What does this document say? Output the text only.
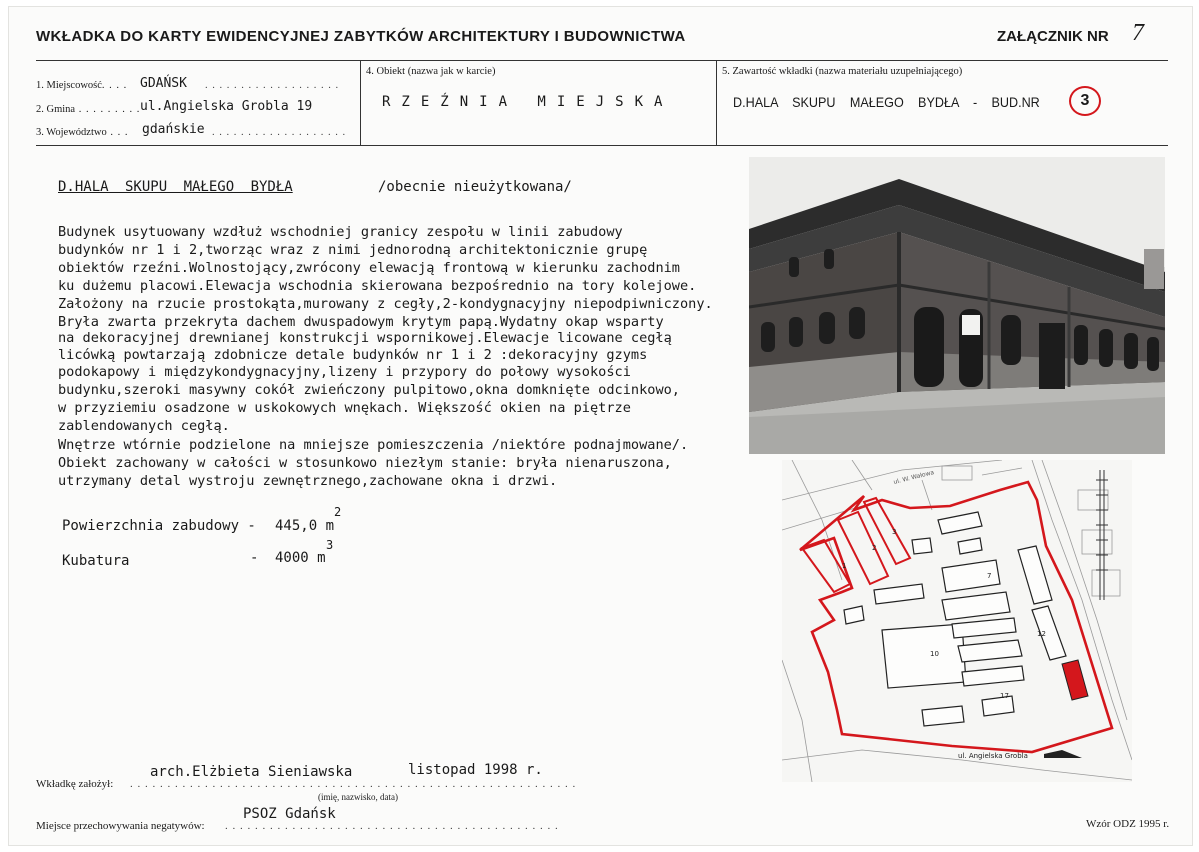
WKŁADKA DO KARTY EWIDENCYJNEJ ZABYTKÓW ARCHITEKTURY I BUDOWNICTWA	ZAŁĄCZNIK NR 7
1. Miejscowość. . . . GDAŃSK . . . . . . . . . . . . . . . . . . .
2. Gmina . . . . . . . . . ul.Angielska Grobla 19
3. Województwo . . . gdańskie . . . . . . . . . . . . . . . . . . .
4. Obiekt (nazwa jak w karcie)
RZEŹNIA MIEJSKA
5. Zawartość wkładki (nazwa materiału uzupełniającego)
D.HALA SKUPU MAŁEGO BYDŁA - BUD.NR	3
D.HALA SKUPU MAŁEGO BYDŁA	/obecnie nieużytkowana/
Budynek usytuowany wzdłuż wschodniej granicy zespołu w linii zabudowy
budynków nr 1 i 2,tworząc wraz z nimi jednorodną architektonicznie grupę
obiektów rzeźni.Wolnostojący,zwrócony elewacją frontową w kierunku zachodnim
ku dużemu placowi.Elewacja wschodnia skierowana bezpośrednio na tory kolejowe.
Założony na rzucie prostokąta,murowany z cegły,2-kondygnacyjny niepodpiwniczony.
Bryła zwarta przekryta dachem dwuspadowym krytym papą.Wydatny okap wsparty
na dekoracyjnej drewnianej konstrukcji wspornikowej.Elewacje licowane cegłą
licówką powtarzają zdobnicze detale budynków nr 1 i 2 :dekoracyjny gzyms
podokapowy i międzykondygnacyjny,lizeny i przypory do połowy wysokości
budynku,szeroki masywny cokół zwieńczony pulpitowo,okna domknięte odcinkowo,
w przyziemiu osadzone w uskokowych wnękach. Większość okien na piętrze
zablendowanych cegłą.
Wnętrze wtórnie podzielone na mniejsze pomieszczenia /niektóre podnajmowane/.
Obiekt zachowany w całości w stosunkowo niezłym stanie: bryła nienaruszona,
utrzymany detal wystroju zewnętrznego,zachowane okna i drzwi.
Powierzchnia zabudowy - 445,0 m
2
Kubatura	- 4000 m
3
1
2
3
10
17
12
7
ul. Angielska Grobla
ul. W. Wałowa
Wkładkę założył: . . . . . . . . . . . . . . . . . . . . . . . . . . . . . . . . . . . . . . . . . . . . . . . . . . . . . . . . . . . .
arch.Elżbieta Sieniawska	listopad 1998 r.
(imię, nazwisko, data)
Miejsce przechowywania negatywów: . . . . . . . . . . . . . . . . . . . . . . . . . . . . . . . . . . . . . . . . . . . . .
PSOZ Gdańsk
Wzór ODZ 1995 r.
